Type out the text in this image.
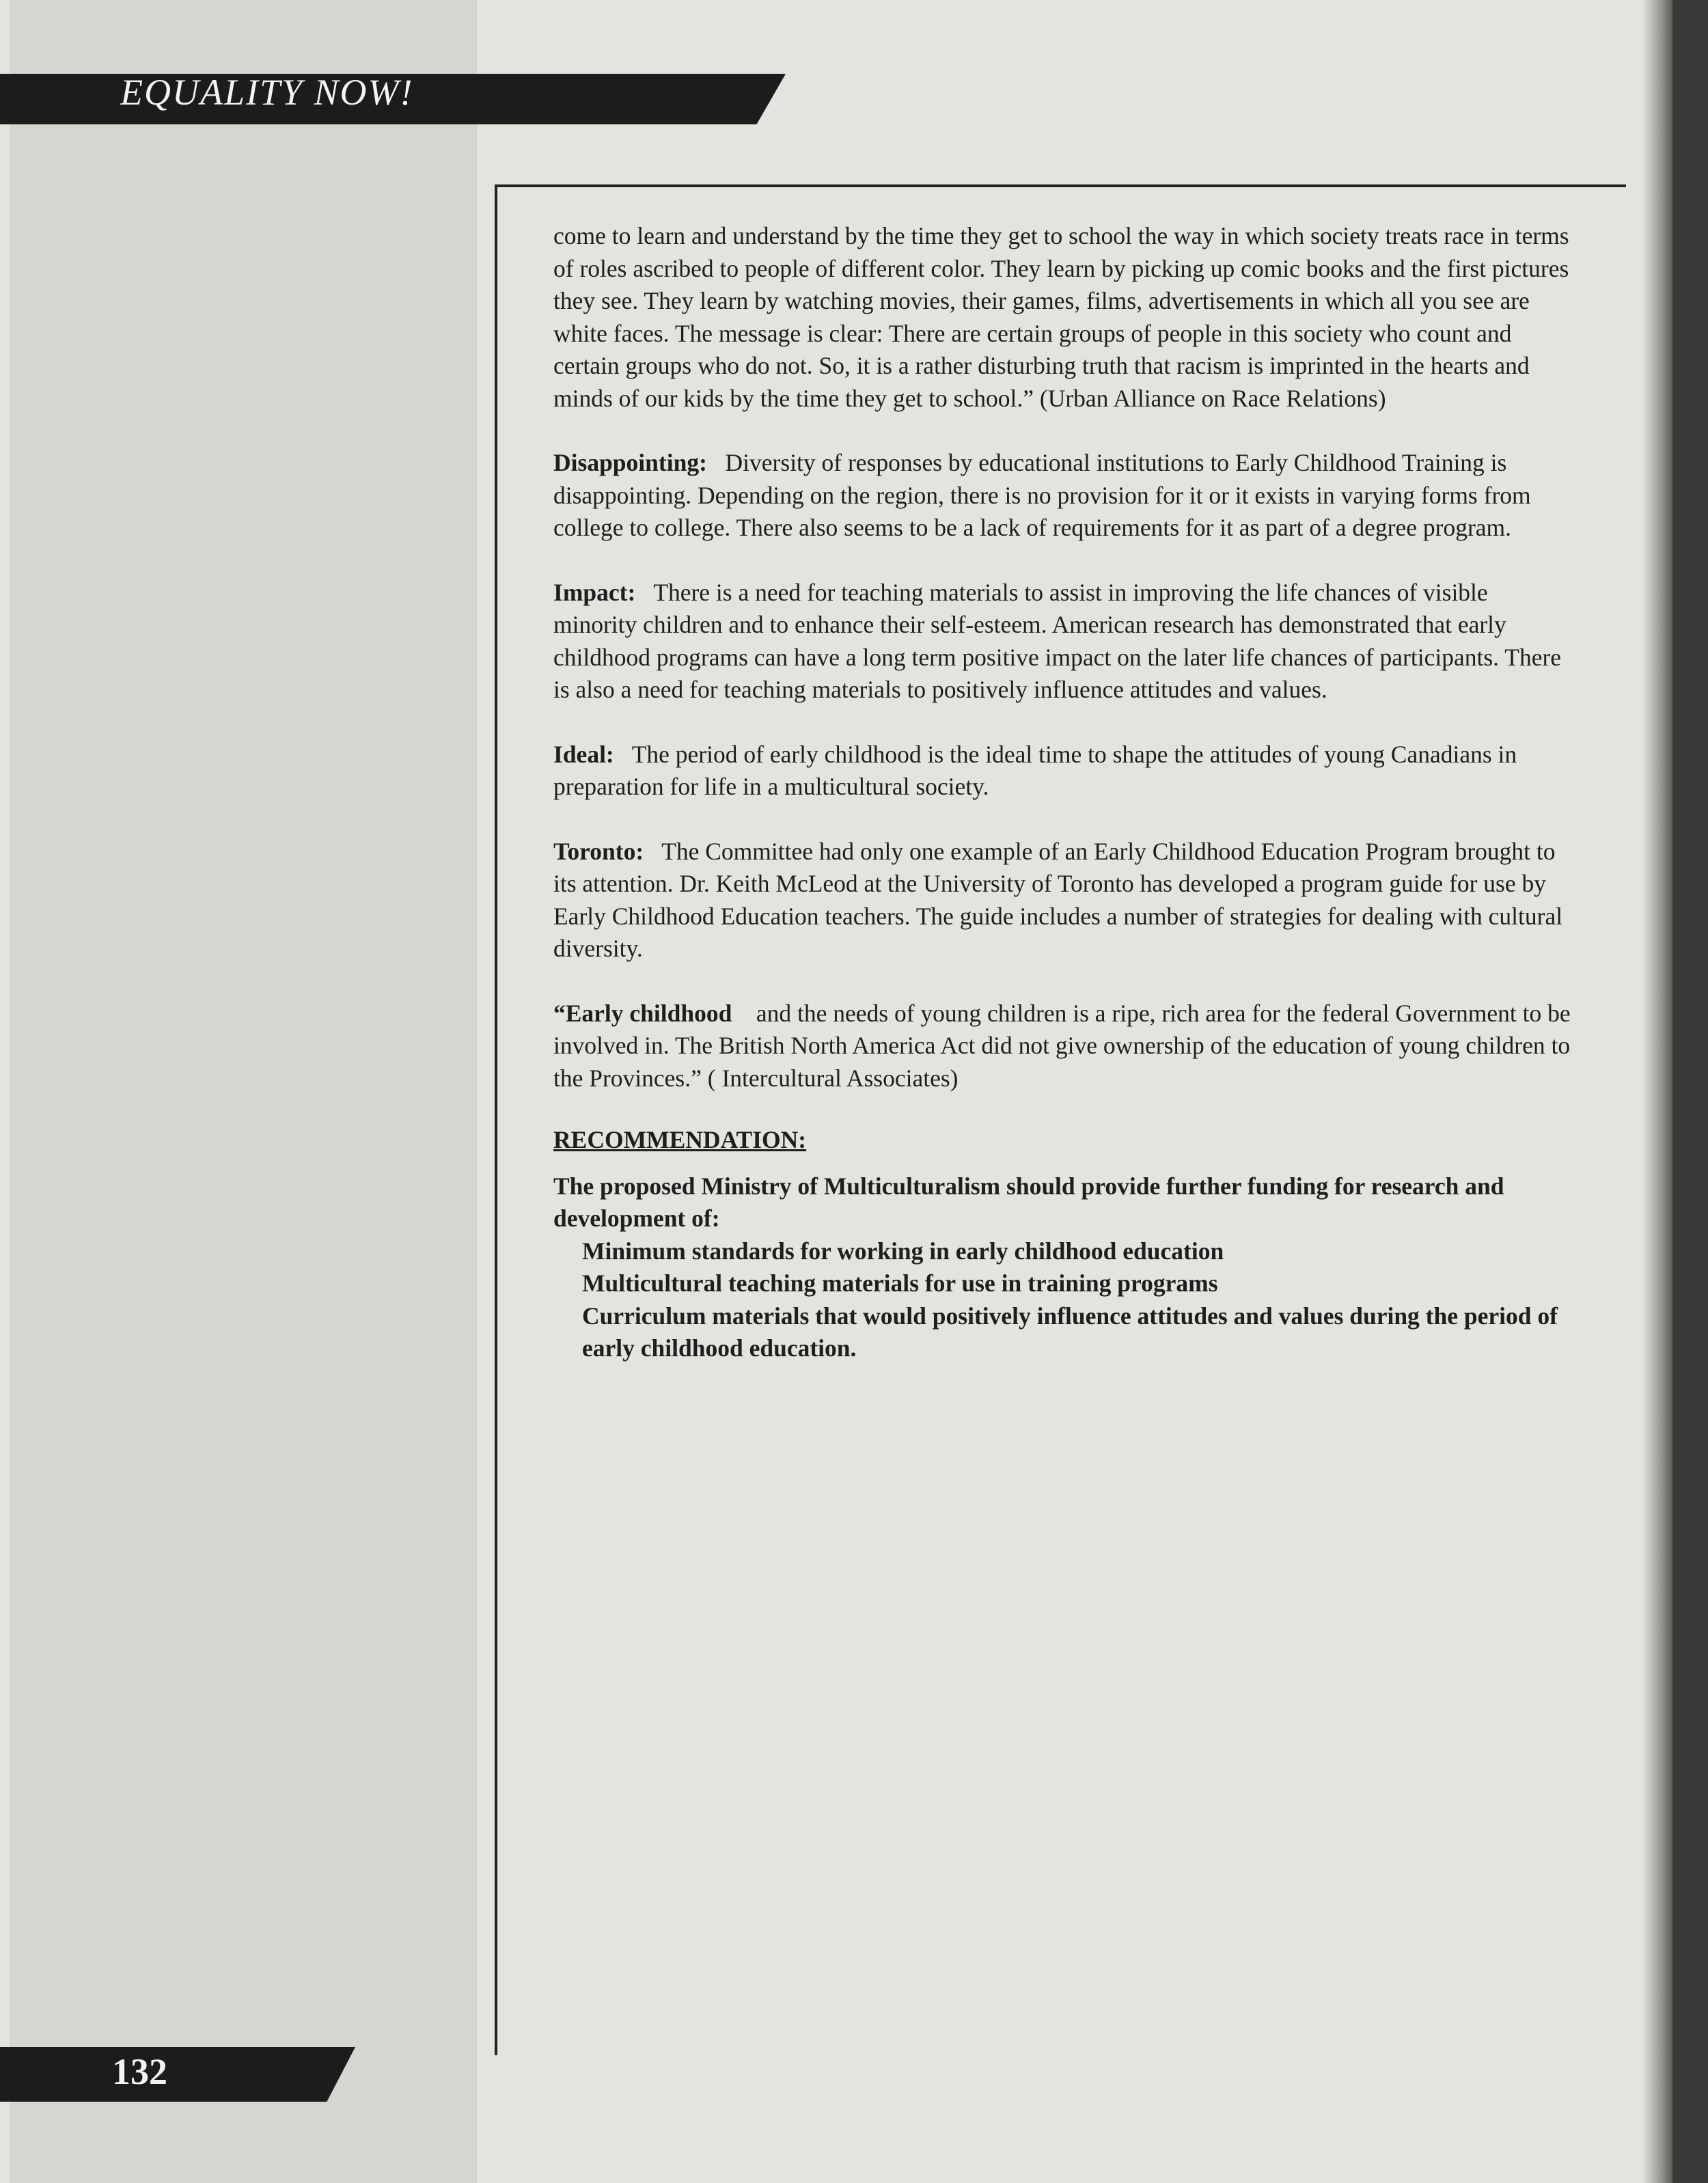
EQUALITY NOW!

come to learn and understand by the time they get to school the way in which society treats race in terms of roles ascribed to people of different color. They learn by picking up comic books and the first pictures they see. They learn by watching movies, their games, films, advertisements in which all you see are white faces. The message is clear: There are certain groups of people in this society who count and certain groups who do not. So, it is a rather disturbing truth that racism is imprinted in the hearts and minds of our kids by the time they get to school.” (Urban Alliance on Race Relations)

Disappointing: Diversity of responses by educational institutions to Early Childhood Training is disappointing. Depending on the region, there is no provision for it or it exists in varying forms from college to college. There also seems to be a lack of requirements for it as part of a degree program.

Impact: There is a need for teaching materials to assist in improving the life chances of visible minority children and to enhance their self-esteem. American research has demonstrated that early childhood programs can have a long term positive impact on the later life chances of participants. There is also a need for teaching materials to positively influence attitudes and values.

Ideal: The period of early childhood is the ideal time to shape the attitudes of young Canadians in preparation for life in a multicultural society.

Toronto: The Committee had only one example of an Early Childhood Education Program brought to its attention. Dr. Keith McLeod at the University of Toronto has developed a program guide for use by Early Childhood Education teachers. The guide includes a number of strategies for dealing with cultural diversity.

“Early childhood and the needs of young children is a ripe, rich area for the federal Government to be involved in. The British North America Act did not give ownership of the education of young children to the Provinces.” ( Intercultural Associates)

RECOMMENDATION:

The proposed Ministry of Multiculturalism should provide further funding for research and development of:

Minimum standards for working in early childhood education
Multicultural teaching materials for use in training programs
Curriculum materials that would positively influence attitudes and values during the period of early childhood education.

132
